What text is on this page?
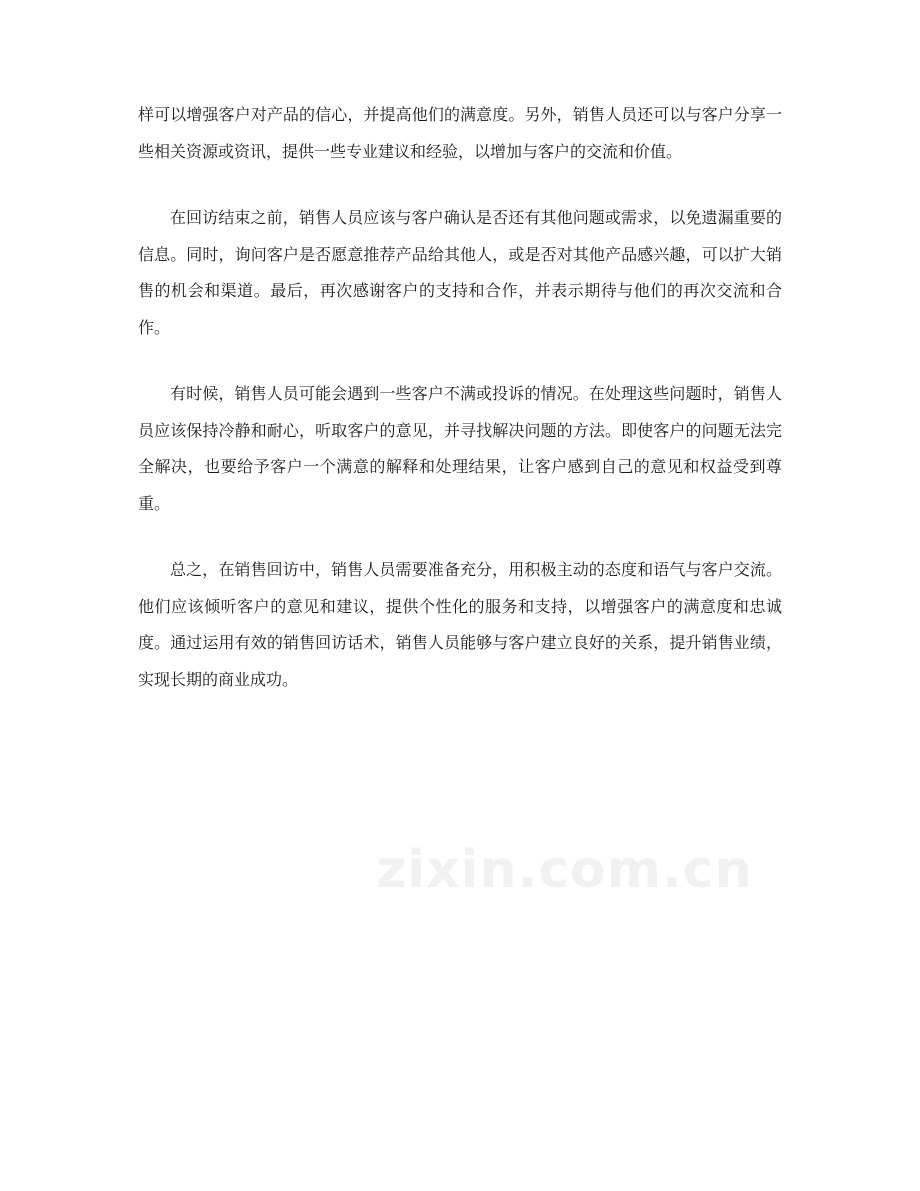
样可以增强客户对产品的信心，并提高他们的满意度。另外，销售人员还可以与客户分享一些相关资源或资讯，提供一些专业建议和经验，以增加与客户的交流和价值。

在回访结束之前，销售人员应该与客户确认是否还有其他问题或需求，以免遗漏重要的信息。同时，询问客户是否愿意推荐产品给其他人，或是否对其他产品感兴趣，可以扩大销售的机会和渠道。最后，再次感谢客户的支持和合作，并表示期待与他们的再次交流和合作。

有时候，销售人员可能会遇到一些客户不满或投诉的情况。在处理这些问题时，销售人员应该保持冷静和耐心，听取客户的意见，并寻找解决问题的方法。即使客户的问题无法完全解决，也要给予客户一个满意的解释和处理结果，让客户感到自己的意见和权益受到尊重。

总之，在销售回访中，销售人员需要准备充分，用积极主动的态度和语气与客户交流。他们应该倾听客户的意见和建议，提供个性化的服务和支持，以增强客户的满意度和忠诚度。通过运用有效的销售回访话术，销售人员能够与客户建立良好的关系，提升销售业绩，实现长期的商业成功。

zixin.com.cn
